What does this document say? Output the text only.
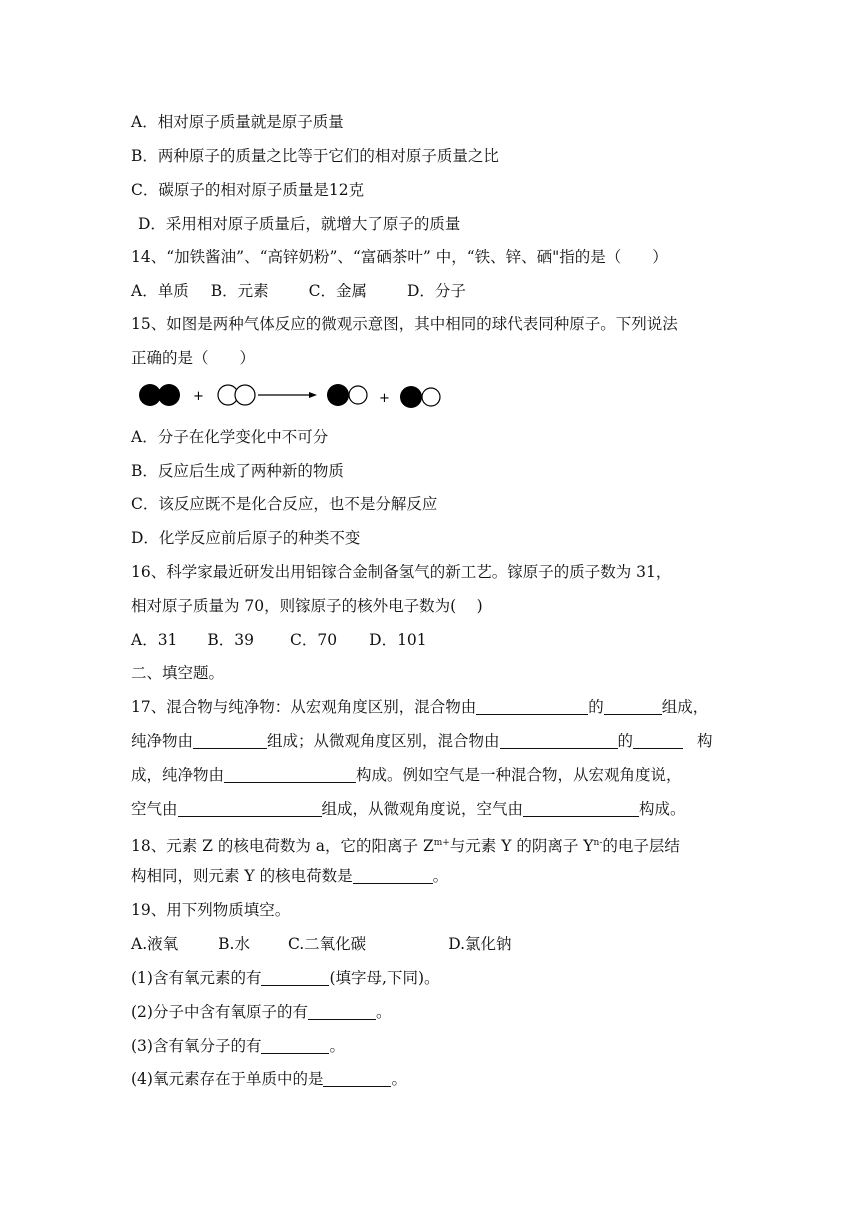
A．相对原子质量就是原子质量
B．两种原子的质量之比等于它们的相对原子质量之比
C．碳原子的相对原子质量是12克
D．采用相对原子质量后，就增大了原子的质量
14、“加铁酱油”、“高锌奶粉”、“富硒茶叶” 中，“铁、锌、硒"指的是（　　）
A．单质 B．元素	C．金属	D．分子
15、如图是两种气体反应的微观示意图，其中相同的球代表同种原子。下列说法
正确的是（　　）
+	+
A．分子在化学变化中不可分
B．反应后生成了两种新的物质
C．该反应既不是化合反应，也不是分解反应
D．化学反应前后原子的种类不变
16、科学家最近研发出用铝镓合金制备氢气的新工艺。镓原子的质子数为 31，
相对原子质量为 70，则镓原子的核外电子数为(　 )
A．31 B．39 C．70 D．101
二、填空题。
17、混合物与纯净物：从宏观角度区别，混合物由	的	组成，
纯净物由	组成；从微观角度区别，混合物由	的	构
成，纯净物由	构成。例如空气是一种混合物，从宏观角度说，
空气由	组成，从微观角度说，空气由	构成。
18、元素 Z 的核电荷数为 a，它的阳离子 $Z^{m+}$与元素 Y 的阴离子 $Y^{n-}$的电子层结
构相同，则元素 Y 的核电荷数是	。
19、用下列物质填空。
A.液氧	B.水 C.二氧化碳	D.氯化钠
(1)含有氧元素的有	(填字母,下同)。
(2)分子中含有氧原子的有	。
(3)含有氧分子的有	。
(4)氧元素存在于单质中的是	。
